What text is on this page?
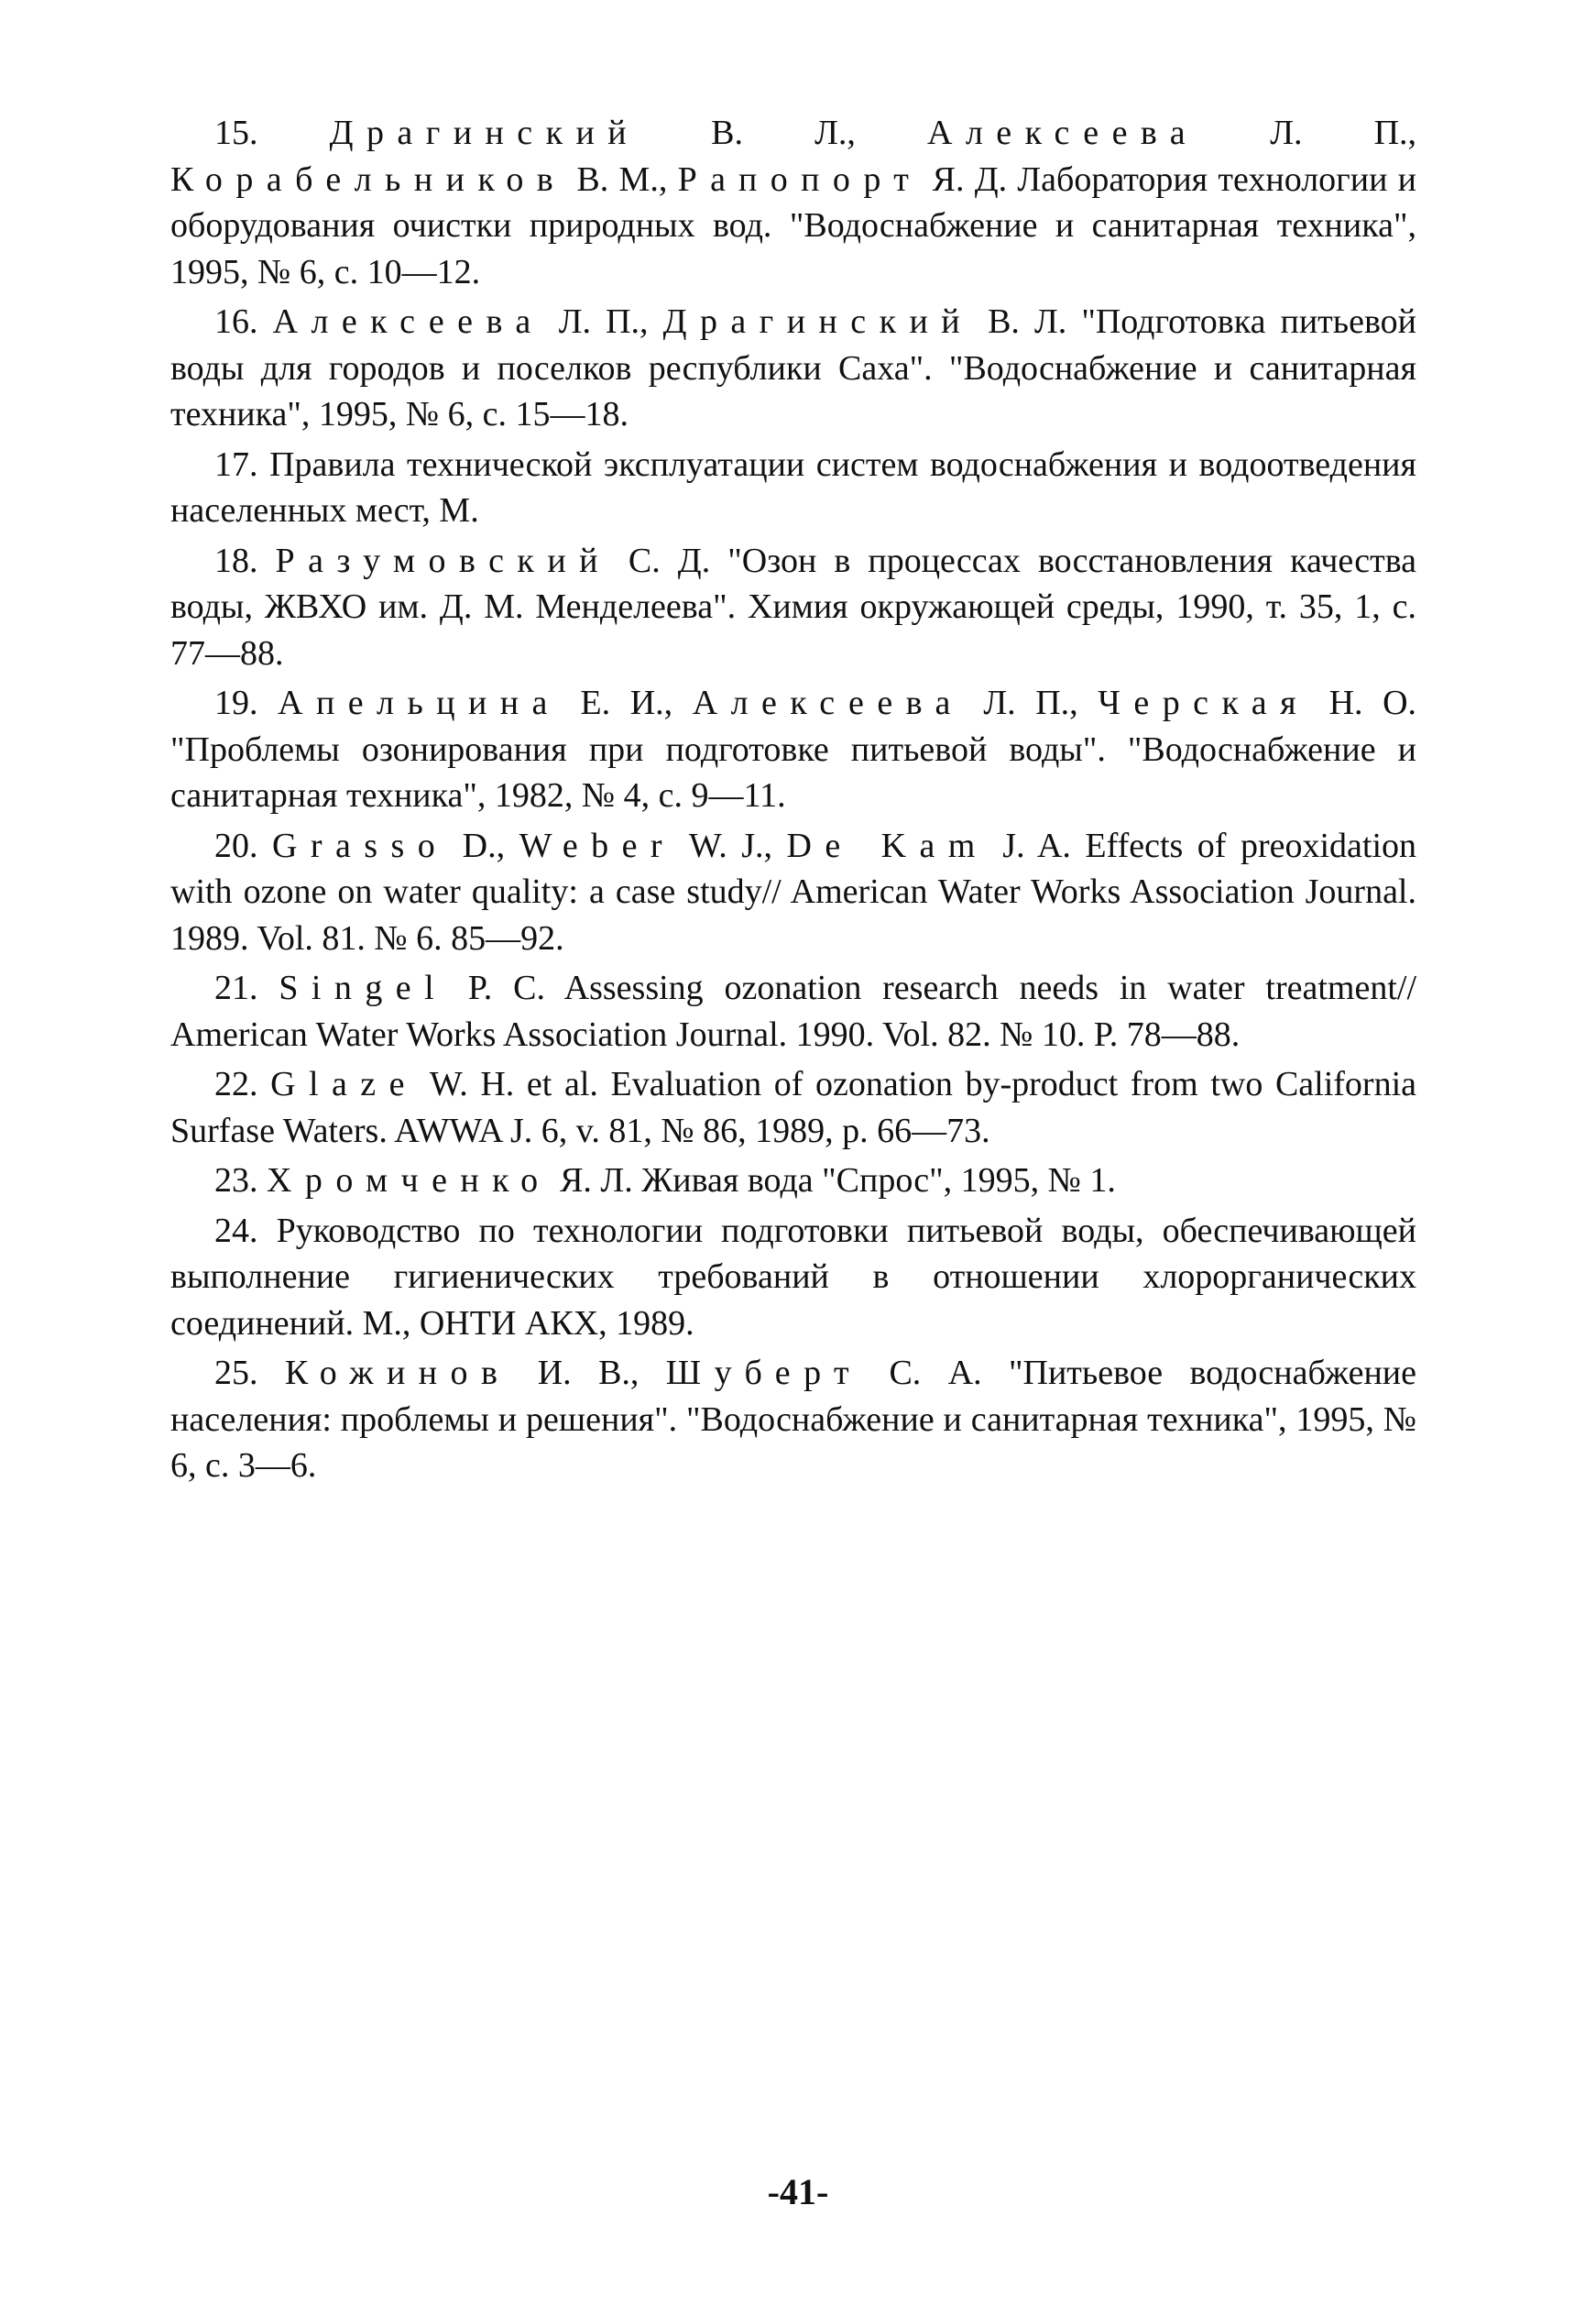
15. Драгинский В. Л., Алексеева Л. П., Корабельников В. М., Рапопорт Я. Д. Лаборатория технологии и оборудования очистки природных вод. "Водоснабжение и санитарная техника", 1995, № 6, с. 10—12.

16. Алексеева Л. П., Драгинский В. Л. "Подготовка питьевой воды для городов и поселков республики Саха". "Водоснабжение и санитарная техника", 1995, № 6, с. 15—18.

17. Правила технической эксплуатации систем водоснабжения и водоотведения населенных мест, М.

18. Разумовский С. Д. "Озон в процессах восстановления качества воды, ЖВХО им. Д. М. Менделеева". Химия окружающей среды, 1990, т. 35, 1, с. 77—88.

19. Апельцина Е. И., Алексеева Л. П., Черская Н. О. "Проблемы озонирования при подготовке питьевой воды". "Водоснабжение и санитарная техника", 1982, № 4, с. 9—11.

20. Grasso D., Weber W. J., De Kam J. A. Effects of preoxidation with ozone on water quality: a case study// American Water Works Association Journal. 1989. Vol. 81. № 6. 85—92.

21. Singel P. C. Assessing ozonation research needs in water treatment// American Water Works Association Journal. 1990. Vol. 82. № 10. P. 78—88.

22. Glaze W. H. et al. Evaluation of ozonation by-product from two California Surfase Waters. AWWA J. 6, v. 81, № 86, 1989, p. 66—73.

23. Хромченко Я. Л. Живая вода "Спрос", 1995, № 1.

24. Руководство по технологии подготовки питьевой воды, обеспечивающей выполнение гигиенических требований в отношении хлорорганических соединений. М., ОНТИ АКХ, 1989.

25. Кожинов И. В., Шуберт С. А. "Питьевое водоснабжение населения: проблемы и решения". "Водоснабжение и санитарная техника", 1995, № 6, с. 3—6.

-41-
